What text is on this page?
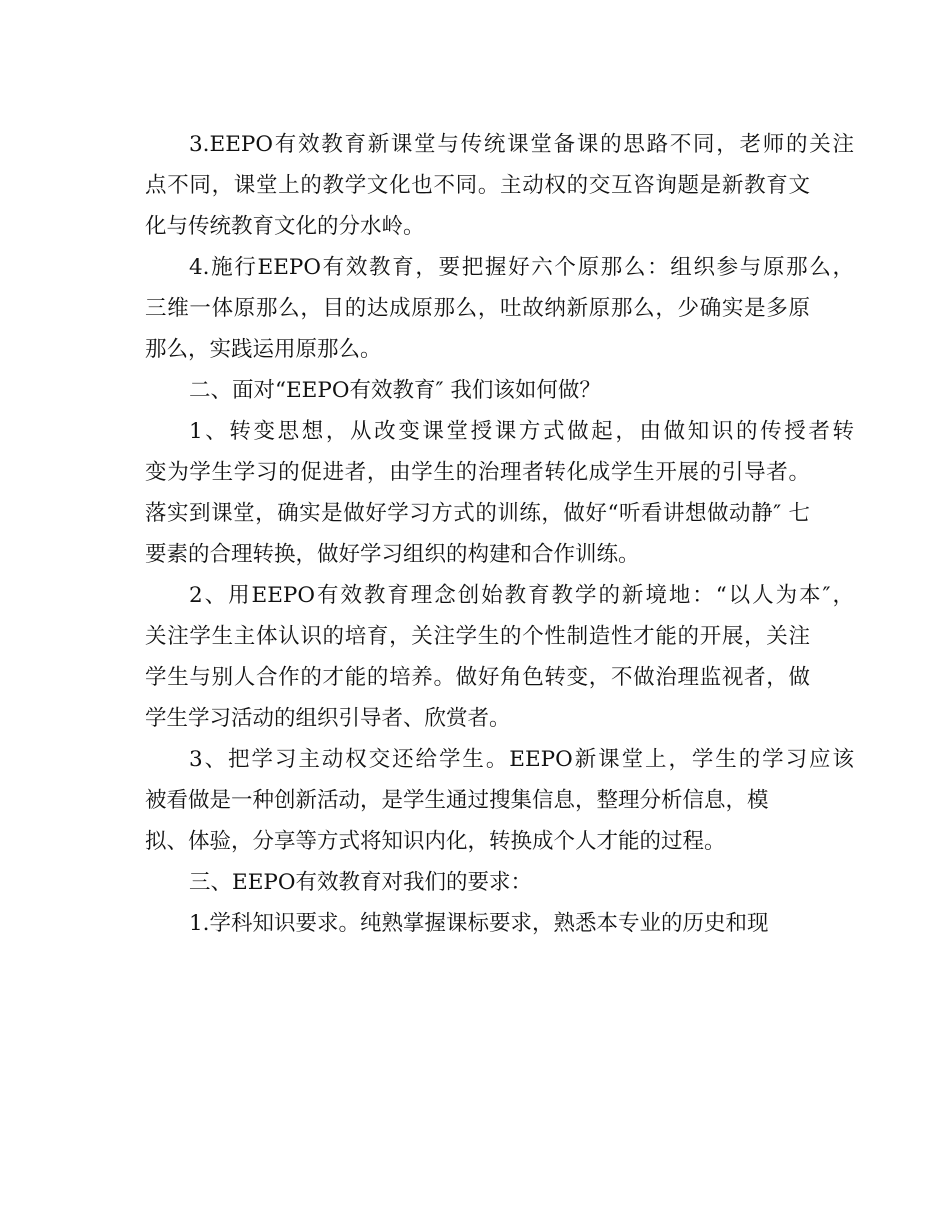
3.EEPO有效教育新课堂与传统课堂备课的思路不同，老师的关注
点不同，课堂上的教学文化也不同。主动权的交互咨询题是新教育文
化与传统教育文化的分水岭。
4.施行EEPO有效教育，要把握好六个原那么：组织参与原那么，
三维一体原那么，目的达成原那么，吐故纳新原那么，少确实是多原
那么，实践运用原那么。
二、面对“EEPO有效教育″ 我们该如何做？
1、转变思想，从改变课堂授课方式做起，由做知识的传授者转
变为学生学习的促进者，由学生的治理者转化成学生开展的引导者。
落实到课堂，确实是做好学习方式的训练，做好“听看讲想做动静″ 七
要素的合理转换，做好学习组织的构建和合作训练。
2、用EEPO有效教育理念创始教育教学的新境地：“以人为本″，
关注学生主体认识的培育，关注学生的个性制造性才能的开展，关注
学生与别人合作的才能的培养。做好角色转变，不做治理监视者，做
学生学习活动的组织引导者、欣赏者。
3、把学习主动权交还给学生。EEPO新课堂上，学生的学习应该
被看做是一种创新活动，是学生通过搜集信息，整理分析信息，模
拟、体验，分享等方式将知识内化，转换成个人才能的过程。
三、EEPO有效教育对我们的要求：
1.学科知识要求。纯熟掌握课标要求，熟悉本专业的历史和现
